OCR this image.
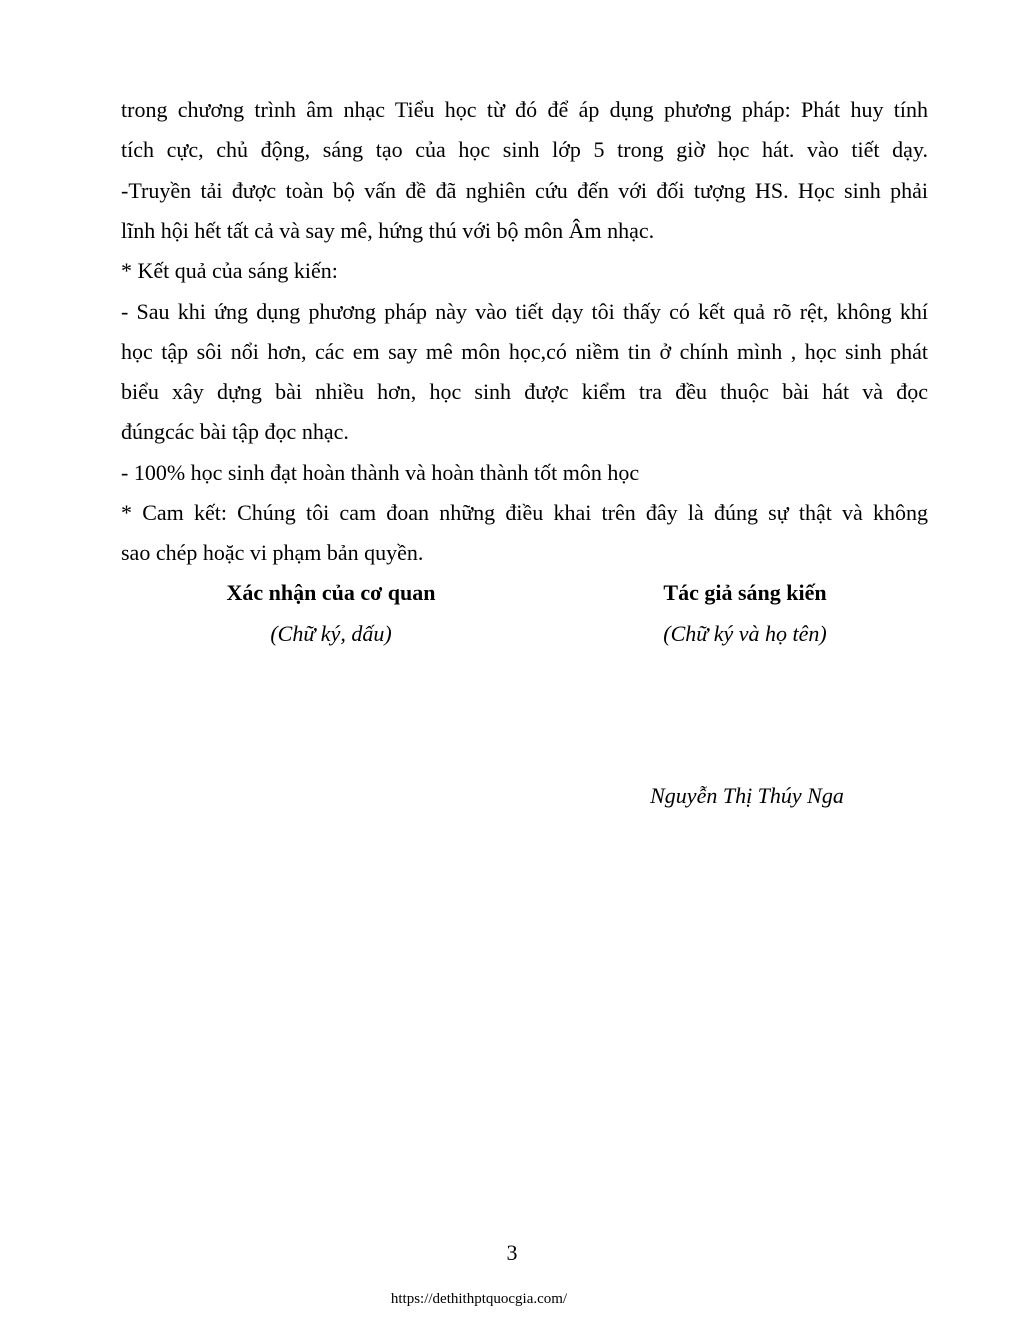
trong chương trình âm nhạc Tiểu học từ đó để áp dụng phương pháp: Phát huy tính
tích cực, chủ động, sáng tạo của học sinh lớp 5 trong giờ học hát. vào tiết dạy.
-Truyền tải được toàn bộ vấn đề đã nghiên cứu đến với đối tượng HS. Học sinh phải
lĩnh hội hết tất cả và say mê, hứng thú với bộ môn Âm nhạc.
* Kết quả của sáng kiến:
- Sau khi ứng dụng phương pháp này vào tiết dạy tôi thấy có kết quả rõ rệt, không khí
học tập sôi nổi hơn, các em say mê môn học,có niềm tin ở chính mình , học sinh phát
biểu xây dựng bài nhiều hơn, học sinh được kiểm tra đều thuộc bài hát và đọc
đúngcác bài tập đọc nhạc.
- 100% học sinh đạt hoàn thành và hoàn thành tốt môn học
* Cam kết: Chúng tôi cam đoan những điều khai trên đây là đúng sự thật và không
sao chép hoặc vi phạm bản quyền.
Xác nhận của cơ quan
(Chữ ký, dấu)
Tác giả sáng kiến
(Chữ ký và họ tên)
Nguyễn Thị Thúy Nga
3
https://dethithptquocgia.com/
